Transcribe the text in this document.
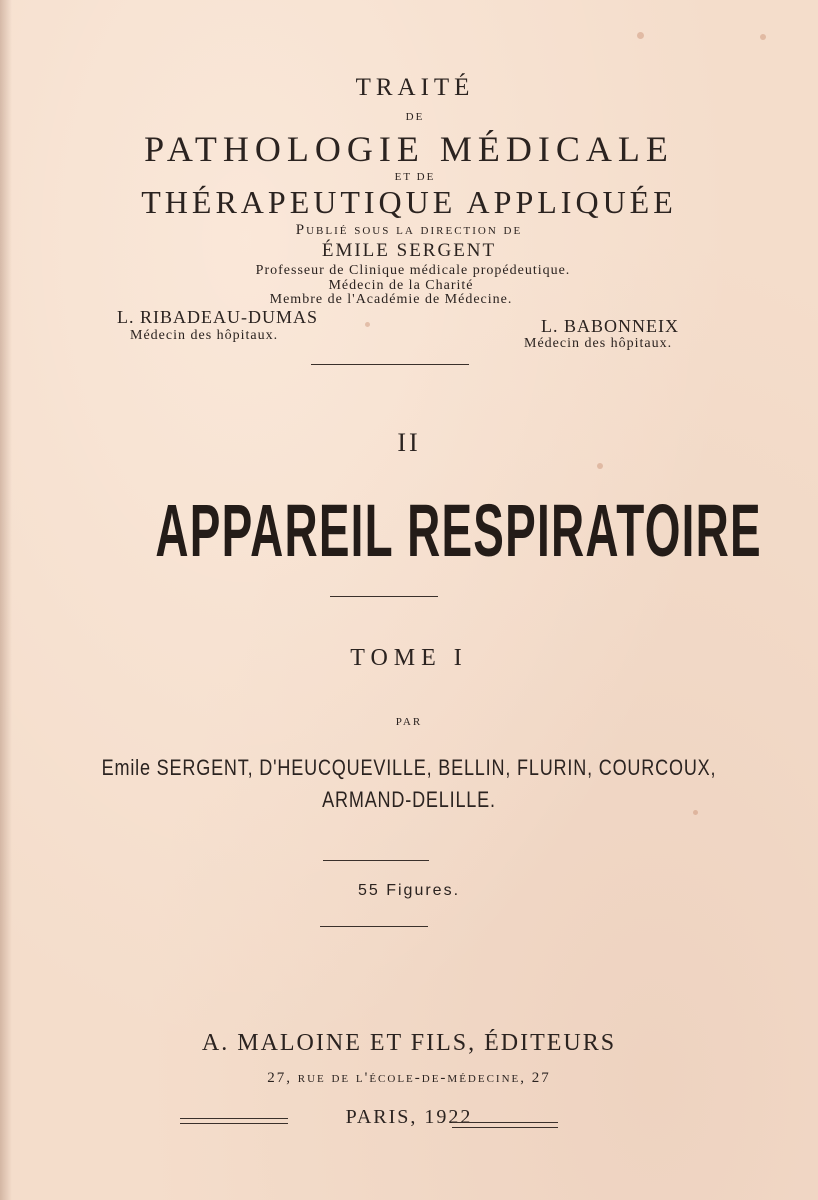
TRAITÉ
DE
PATHOLOGIE MÉDICALE
ET DE
THÉRAPEUTIQUE APPLIQUÉE
Publié sous la direction de
ÉMILE SERGENT
Professeur de Clinique médicale propédeutique.
Médecin de la Charité
Membre de l'Académie de Médecine.
L. RIBADEAU-DUMAS
Médecin des hôpitaux.	L. BABONNEIX
Médecin des hôpitaux.
II
APPAREIL RESPIRATOIRE
TOME I
PAR
Emile SERGENT, D'HEUCQUEVILLE, BELLIN, FLURIN, COURCOUX,
ARMAND-DELILLE.
55 Figures.
A. MALOINE ET FILS, ÉDITEURS
27, rue de l'école-de-médecine, 27
PARIS, 1922
